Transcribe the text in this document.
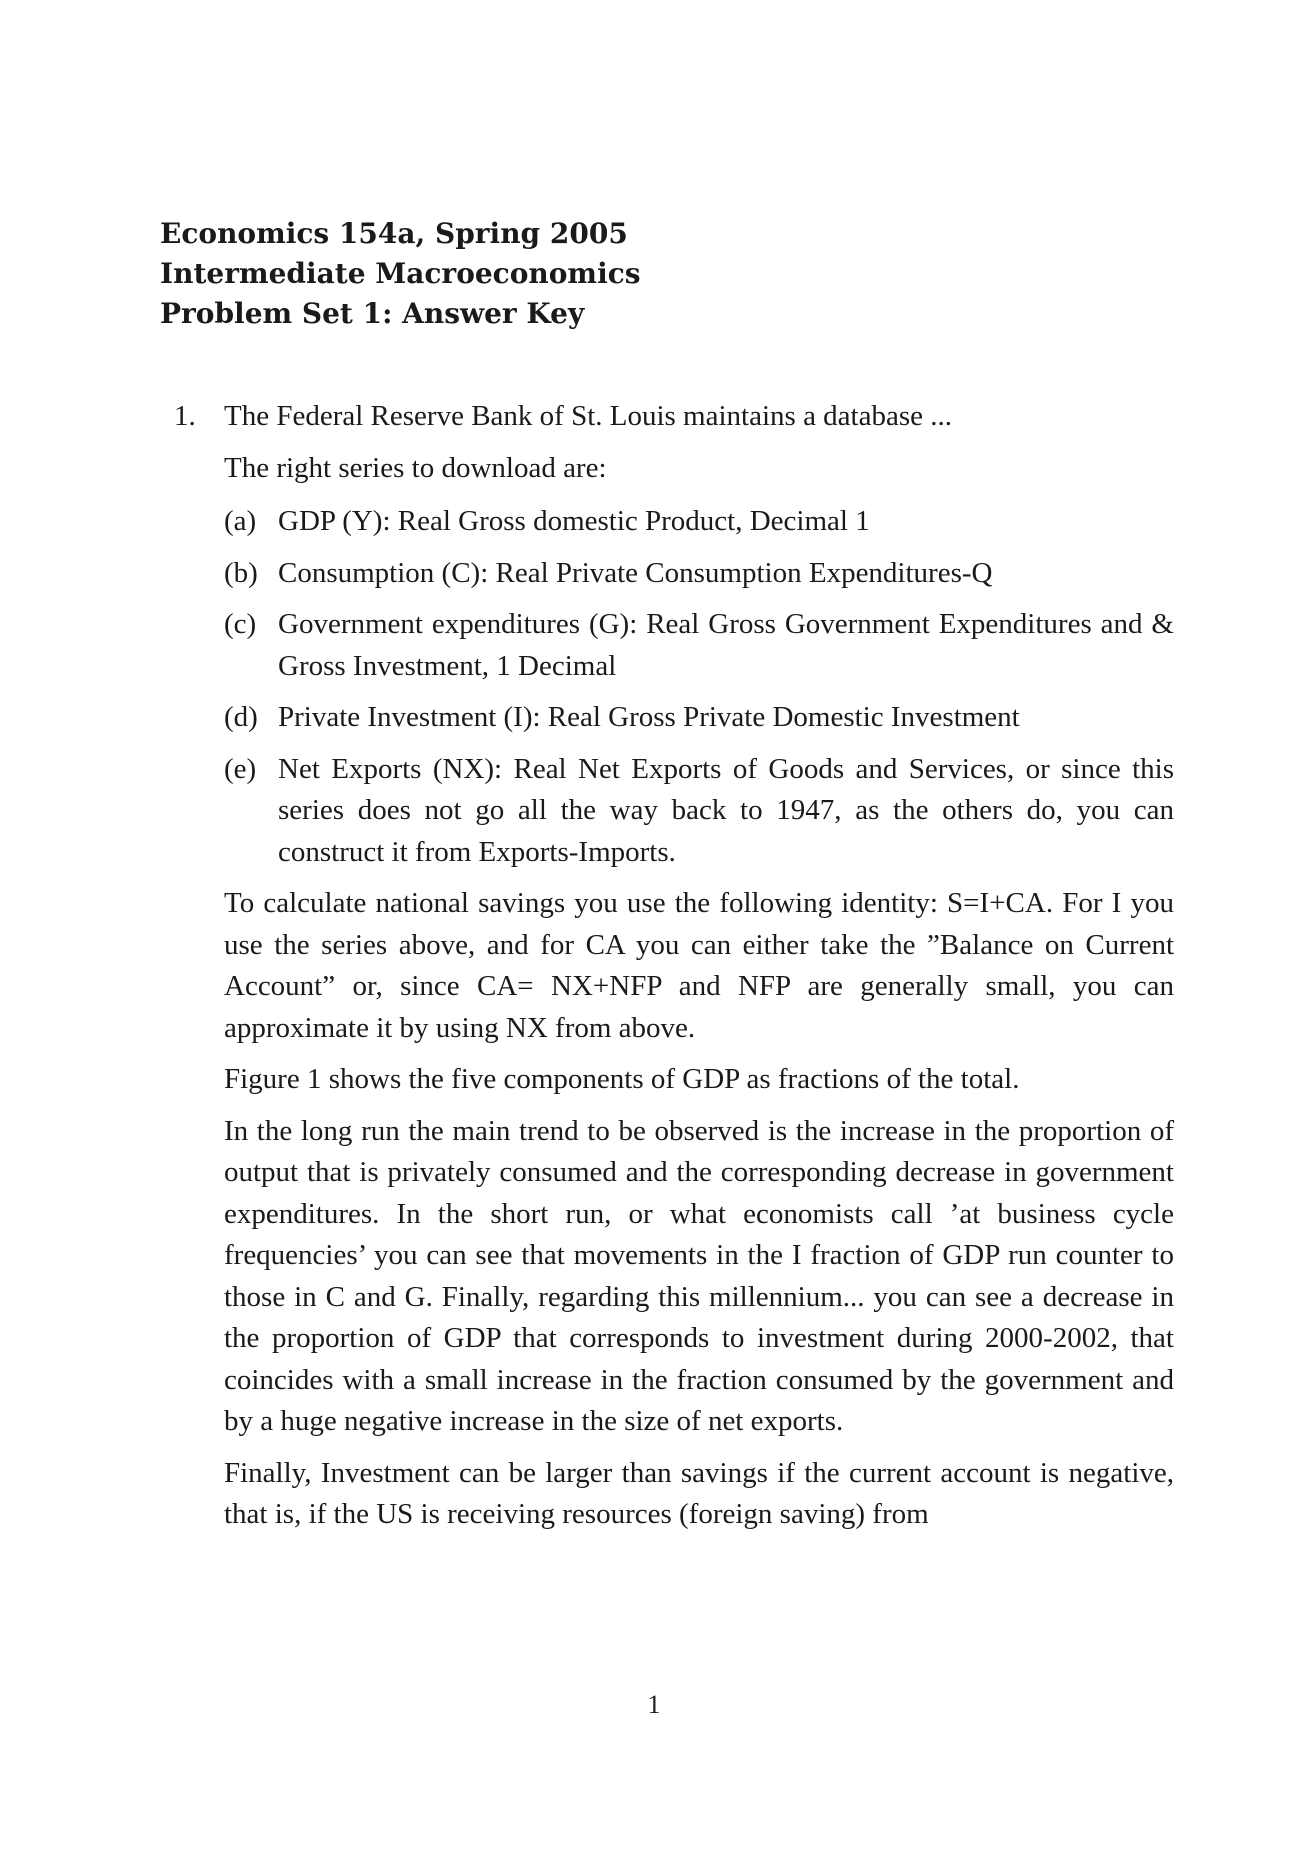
Economics 154a, Spring 2005

Intermediate Macroeconomics

Problem Set 1: Answer Key

1. The Federal Reserve Bank of St. Louis maintains a database ...

The right series to download are:

(a) GDP (Y): Real Gross domestic Product, Decimal 1
(b) Consumption (C): Real Private Consumption Expenditures-Q
(c) Government expenditures (G): Real Gross Government Expenditures and & Gross Investment, 1 Decimal
(d) Private Investment (I): Real Gross Private Domestic Investment
(e) Net Exports (NX): Real Net Exports of Goods and Services, or since this series does not go all the way back to 1947, as the others do, you can construct it from Exports-Imports.

To calculate national savings you use the following identity: S=I+CA. For I you use the series above, and for CA you can either take the ”Balance on Current Account” or, since CA= NX+NFP and NFP are generally small, you can approximate it by using NX from above.

Figure 1 shows the five components of GDP as fractions of the total.

In the long run the main trend to be observed is the increase in the proportion of output that is privately consumed and the corresponding decrease in government expenditures. In the short run, or what economists call ’at business cycle frequencies’ you can see that movements in the I fraction of GDP run counter to those in C and G. Finally, regarding this millennium... you can see a decrease in the proportion of GDP that corresponds to investment during 2000-2002, that coincides with a small increase in the fraction consumed by the government and by a huge negative increase in the size of net exports.

Finally, Investment can be larger than savings if the current account is negative, that is, if the US is receiving resources (foreign saving) from

1
